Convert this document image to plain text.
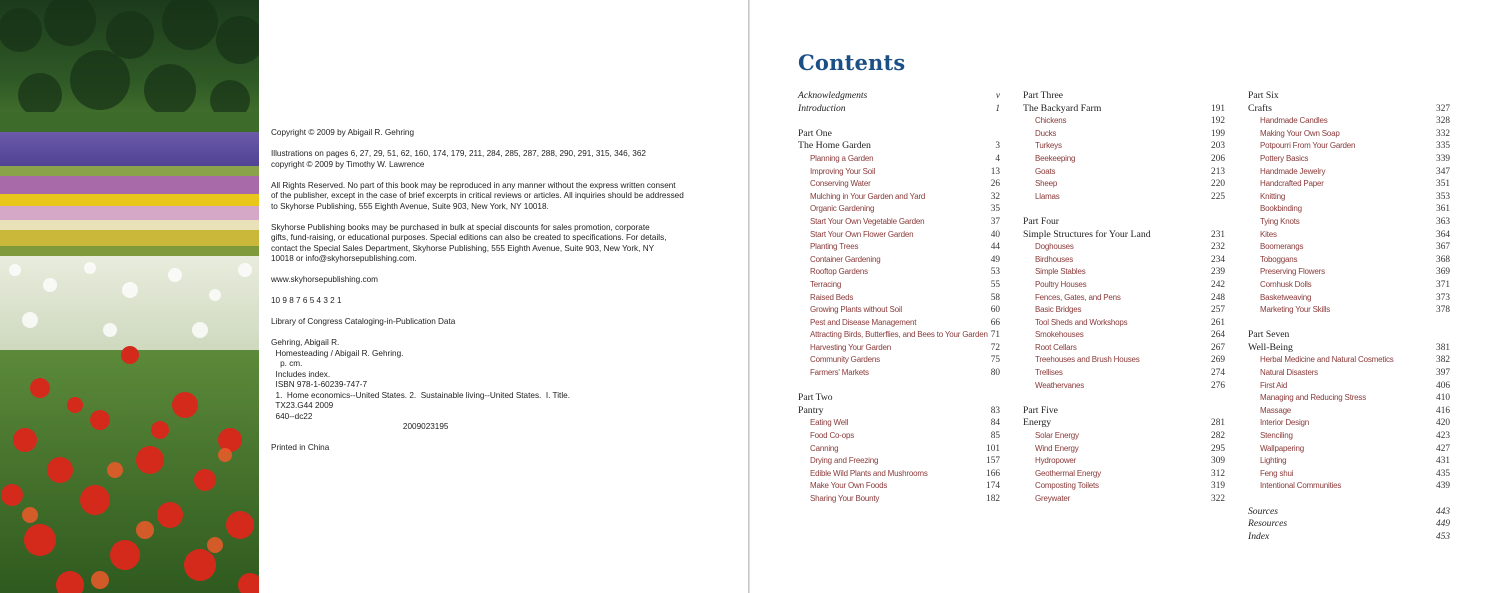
Copyright © 2009 by Abigail R. Gehring

Illustrations on pages 6, 27, 29, 51, 62, 160, 174, 179, 211, 284, 285, 287, 288, 290, 291, 315, 346, 362
copyright © 2009 by Timothy W. Lawrence

All Rights Reserved. No part of this book may be reproduced in any manner without the express written consent
of the publisher, except in the case of brief excerpts in critical reviews or articles. All inquiries should be addressed
to Skyhorse Publishing, 555 Eighth Avenue, Suite 903, New York, NY 10018.

Skyhorse Publishing books may be purchased in bulk at special discounts for sales promotion, corporate
gifts, fund-raising, or educational purposes. Special editions can also be created to specifications. For details,
contact the Special Sales Department, Skyhorse Publishing, 555 Eighth Avenue, Suite 903, New York, NY
10018 or info@skyhorsepublishing.com.

www.skyhorsepublishing.com

10 9 8 7 6 5 4 3 2 1

Library of Congress Cataloging-in-Publication Data

Gehring, Abigail R.
Homesteading / Abigail R. Gehring.
p. cm.
Includes index.
ISBN 978-1-60239-747-7
1.  Home economics--United States. 2.  Sustainable living--United States.  I. Title.
TX23.G44 2009
640--dc22
2009023195

Printed in China

Contents
Acknowledgments	v
Introduction	1
Part One
The Home Garden	3
Planning a Garden	4
Improving Your Soil	13
Conserving Water	26
Mulching in Your Garden and Yard	32
Organic Gardening	35
Start Your Own Vegetable Garden	37
Start Your Own Flower Garden	40
Planting Trees	44
Container Gardening	49
Rooftop Gardens	53
Terracing	55
Raised Beds	58
Growing Plants without Soil	60
Pest and Disease Management	66
Attracting Birds, Butterflies, and Bees to Your Garden 71
Harvesting Your Garden	72
Community Gardens	75
Farmers' Markets	80
Part Two
Pantry	83
Eating Well	84
Food Co-ops	85
Canning	101
Drying and Freezing	157
Edible Wild Plants and Mushrooms	166
Make Your Own Foods	174
Sharing Your Bounty	182
Part Three
The Backyard Farm	191
Chickens	192
Ducks	199
Turkeys	203
Beekeeping	206
Goats	213
Sheep	220
Llamas	225
Part Four
Simple Structures for Your Land	231
Doghouses	232
Birdhouses	234
Simple Stables	239
Poultry Houses	242
Fences, Gates, and Pens	248
Basic Bridges	257
Tool Sheds and Workshops	261
Smokehouses	264
Root Cellars	267
Treehouses and Brush Houses	269
Trellises	274
Weathervanes	276
Part Five
Energy	281
Solar Energy	282
Wind Energy	295
Hydropower	309
Geothermal Energy	312
Composting Toilets	319
Greywater	322
Part Six
Crafts	327
Handmade Candles	328
Making Your Own Soap	332
Potpourri From Your Garden	335
Pottery Basics	339
Handmade Jewelry	347
Handcrafted Paper	351
Knitting	353
Bookbinding	361
Tying Knots	363
Kites	364
Boomerangs	367
Toboggans	368
Preserving Flowers	369
Cornhusk Dolls	371
Basketweaving	373
Marketing Your Skills	378
Part Seven
Well-Being	381
Herbal Medicine and Natural Cosmetics	382
Natural Disasters	397
First Aid	406
Managing and Reducing Stress	410
Massage	416
Interior Design	420
Stenciling	423
Wallpapering	427
Lighting	431
Feng shui	435
Intentional Communities	439
Sources	443
Resources	449
Index	453
